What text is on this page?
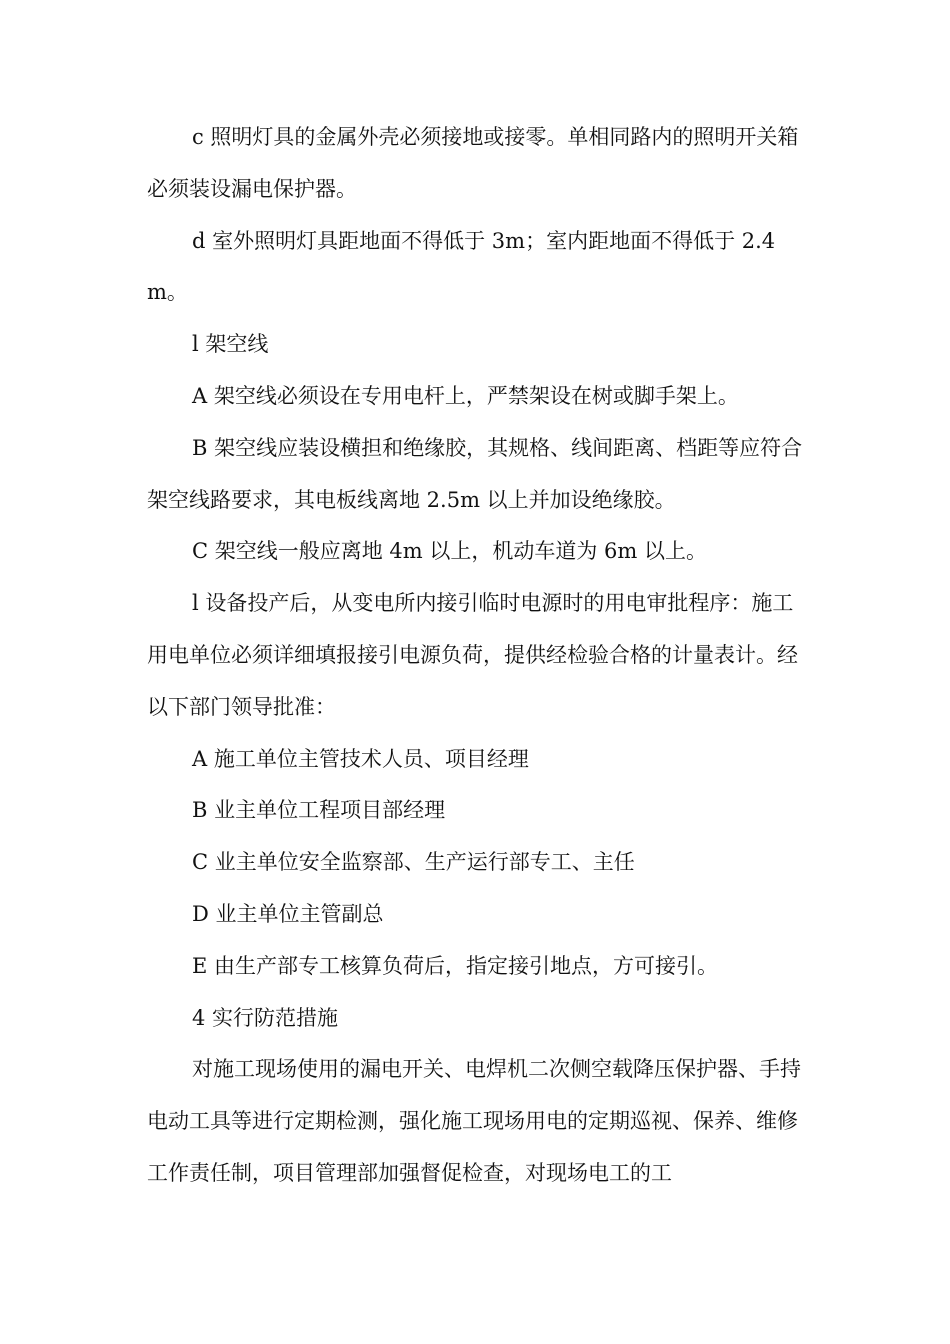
c 照明灯具的金属外壳必须接地或接零。单相同路内的照明开关箱必须装设漏电保护器。

d 室外照明灯具距地面不得低于 3m；室内距地面不得低于 2.4m。

l 架空线

A 架空线必须设在专用电杆上，严禁架设在树或脚手架上。

B 架空线应装设横担和绝缘胶，其规格、线间距离、档距等应符合架空线路要求，其电板线离地 2.5m 以上并加设绝缘胶。

C 架空线一般应离地 4m 以上，机动车道为 6m 以上。

l 设备投产后，从变电所内接引临时电源时的用电审批程序：施工用电单位必须详细填报接引电源负荷，提供经检验合格的计量表计。经以下部门领导批准：

A 施工单位主管技术人员、项目经理

B 业主单位工程项目部经理

C 业主单位安全监察部、生产运行部专工、主任

D 业主单位主管副总

E 由生产部专工核算负荷后，指定接引地点，方可接引。

4 实行防范措施

对施工现场使用的漏电开关、电焊机二次侧空载降压保护器、手持电动工具等进行定期检测，强化施工现场用电的定期巡视、保养、维修工作责任制，项目管理部加强督促检查，对现场电工的工
